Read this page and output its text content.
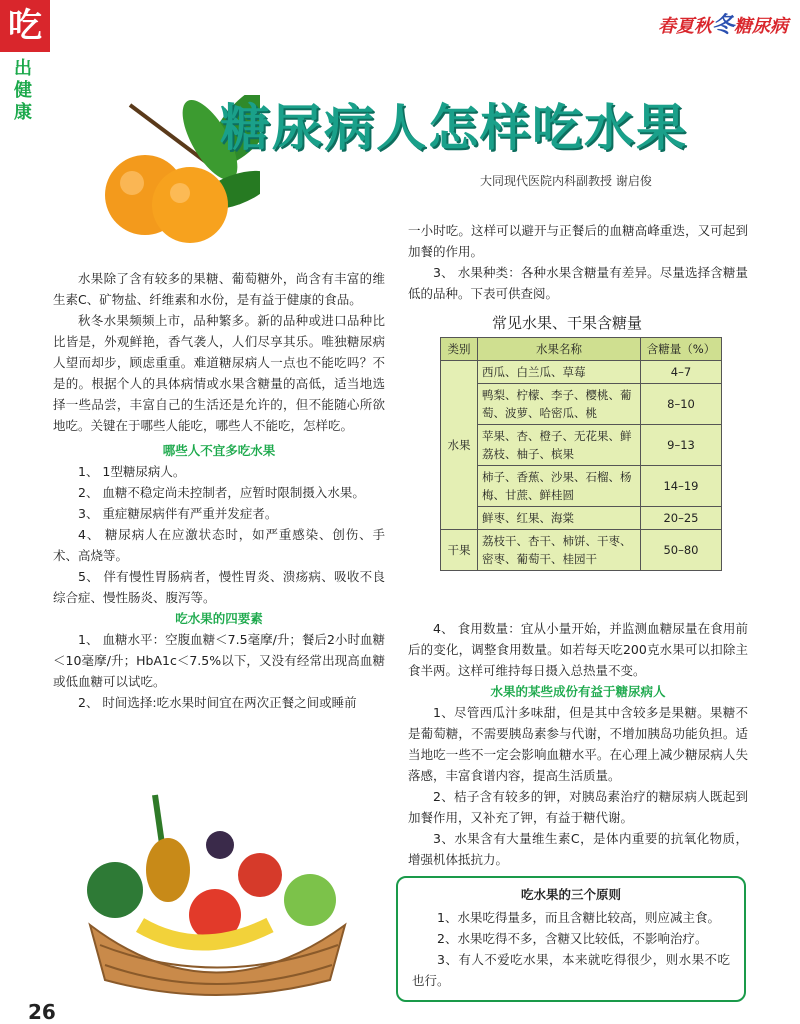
吃
出
健
康
春夏秋冬糖尿病
糖尿病人怎样吃水果
大同现代医院内科副教授 谢启俊

水果除了含有较多的果糖、葡萄糖外，尚含有丰富的维生素C、矿物盐、纤维素和水份，是有益于健康的食品。

秋冬水果频频上市，品种繁多。新的品种或进口品种比比皆是，外观鲜艳，香气袭人，人们尽享其乐。唯独糖尿病人望而却步，顾虑重重。难道糖尿病人一点也不能吃吗？不是的。根据个人的具体病情或水果含糖量的高低，适当地选择一些品尝，丰富自己的生活还是允许的，但不能随心所欲地吃。关键在于哪些人能吃，哪些人不能吃，怎样吃。

哪些人不宜多吃水果

1、 1型糖尿病人。

2、 血糖不稳定尚未控制者，应暂时限制摄入水果。

3、 重症糖尿病伴有严重并发症者。

4、 糖尿病人在应激状态时，如严重感染、创伤、手术、高烧等。

5、 伴有慢性胃肠病者，慢性胃炎、溃疡病、吸收不良综合症、慢性肠炎、腹泻等。

吃水果的四要素

1、 血糖水平：空腹血糖＜7.5毫摩/升；餐后2小时血糖＜10毫摩/升；HbA1c＜7.5%以下，又没有经常出现高血糖或低血糖可以试吃。

2、 时间选择:吃水果时间宜在两次正餐之间或睡前

一小时吃。这样可以避开与正餐后的血糖高峰重迭，又可起到加餐的作用。

3、 水果种类：各种水果含糖量有差异。尽量选择含糖量低的品种。下表可供查阅。

常见水果、干果含糖量
类别	水果名称	含糖量（%）
水果	西瓜、白兰瓜、草莓	4–7
	鸭梨、柠檬、李子、樱桃、葡萄、波萝、哈密瓜、桃	8–10
	苹果、杏、橙子、无花果、鲜荔枝、柚子、槟果	9–13
	柿子、香蕉、沙果、石榴、杨梅、甘蔗、鲜桂圆	14–19
	鲜枣、红果、海棠	20–25
干果	荔枝干、杏干、柿饼、干枣、密枣、葡萄干、桂园干	50–80

4、 食用数量：宜从小量开始，并监测血糖尿量在食用前后的变化，调整食用数量。如若每天吃200克水果可以扣除主食半两。这样可维持每日摄入总热量不变。

水果的某些成份有益于糖尿病人

1、尽管西瓜汁多味甜，但是其中含较多是果糖。果糖不是葡萄糖，不需要胰岛素参与代谢，不增加胰岛功能负担。适当地吃一些不一定会影响血糖水平。在心理上减少糖尿病人失落感，丰富食谱内容，提高生活质量。

2、桔子含有较多的钾，对胰岛素治疗的糖尿病人既起到加餐作用，又补充了钾，有益于糖代谢。

3、水果含有大量维生素C，是体内重要的抗氧化物质，增强机体抵抗力。

吃水果的三个原则

1、水果吃得量多，而且含糖比较高，则应减主食。

2、水果吃得不多，含糖又比较低，不影响治疗。

3、有人不爱吃水果，本来就吃得很少，则水果不吃也行。

26
